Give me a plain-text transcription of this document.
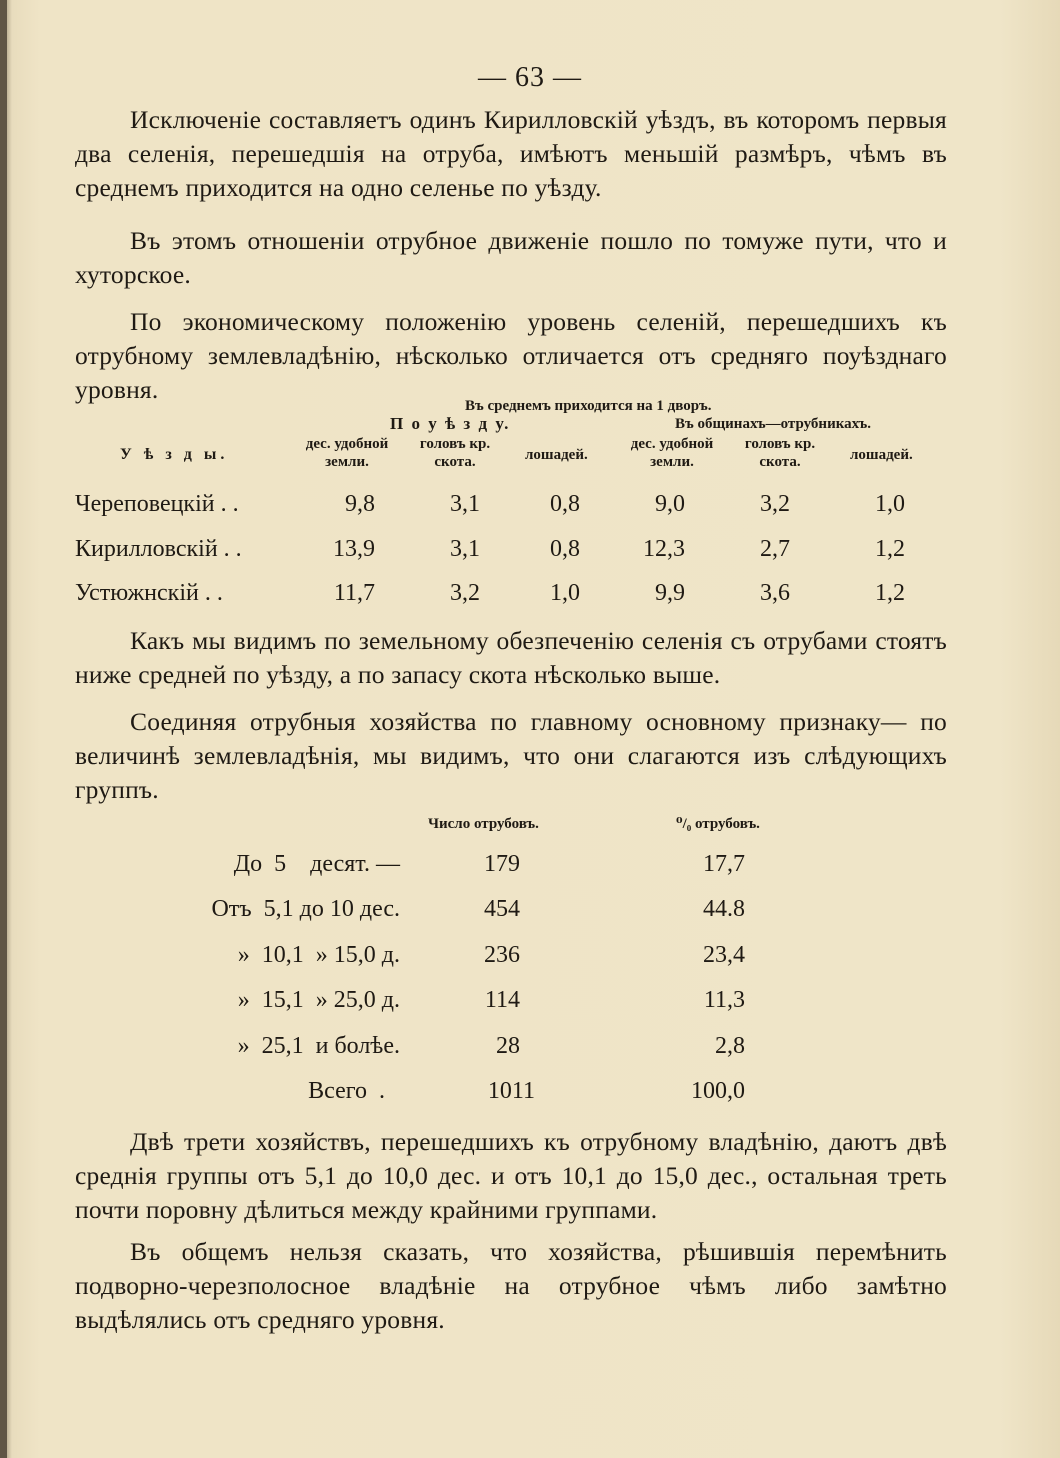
— 63 —

Исключеніе составляетъ одинъ Кирилловскій уѣздъ, въ которомъ первыя два селенія, перешедшія на отруба, имѣютъ меньшій размѣръ, чѣмъ въ среднемъ приходится на одно селенье по уѣзду.

Въ этомъ отношеніи отрубное движеніе пошло по томуже пути, что и хуторское.

По экономическому положенію уровень селеній, перешедшихъ къ отрубному землевладѣнію, нѣсколько отличается отъ средняго поуѣзднаго уровня.

Въ среднемъ приходится на 1 дворъ.
П о у ѣ з д у.	Въ общинахъ—отрубникахъ.
У ѣ з д ы.
дес. удобной
земли.
головъ кр.
скота.	лошадей.
дес. удобной
земли.
головъ кр.
скота.	лошадей.
Череповецкій . .	9,8	3,1	0,8	9,0	3,2	1,0
Кирилловскій . .	13,9	3,1	0,8	12,3	2,7	1,2
Устюжнскій . .	11,7	3,2	1,0	9,9	3,6	1,2

Какъ мы видимъ по земельному обезпеченію селенія съ отрубами стоятъ ниже средней по уѣзду, а по запасу скота нѣсколько выше.

Соединяя отрубныя хозяйства по главному основному признаку— по величинѣ землевладѣнія, мы видимъ, что они слагаются изъ слѣдующихъ группъ.

Число отрубовъ.	⁰/₀ отрубовъ.
До  5    десят. —	179	17,7
Отъ  5,1 до 10 дес.	454	44.8
»  10,1  » 15,0 д.	236	23,4
»  15,1  » 25,0 д.	114	11,3
»  25,1  и болѣе.	28	2,8
Всего  .	1011	100,0

Двѣ трети хозяйствъ, перешедшихъ къ отрубному владѣнію, даютъ двѣ среднія группы отъ 5,1 до 10,0 дес. и отъ 10,1 до 15,0 дес., остальная треть почти поровну дѣлиться между крайними группами.

Въ общемъ нельзя сказать, что хозяйства, рѣшившія перемѣнить подворно-черезполосное владѣніе на отрубное чѣмъ либо замѣтно выдѣлялись отъ средняго уровня.
